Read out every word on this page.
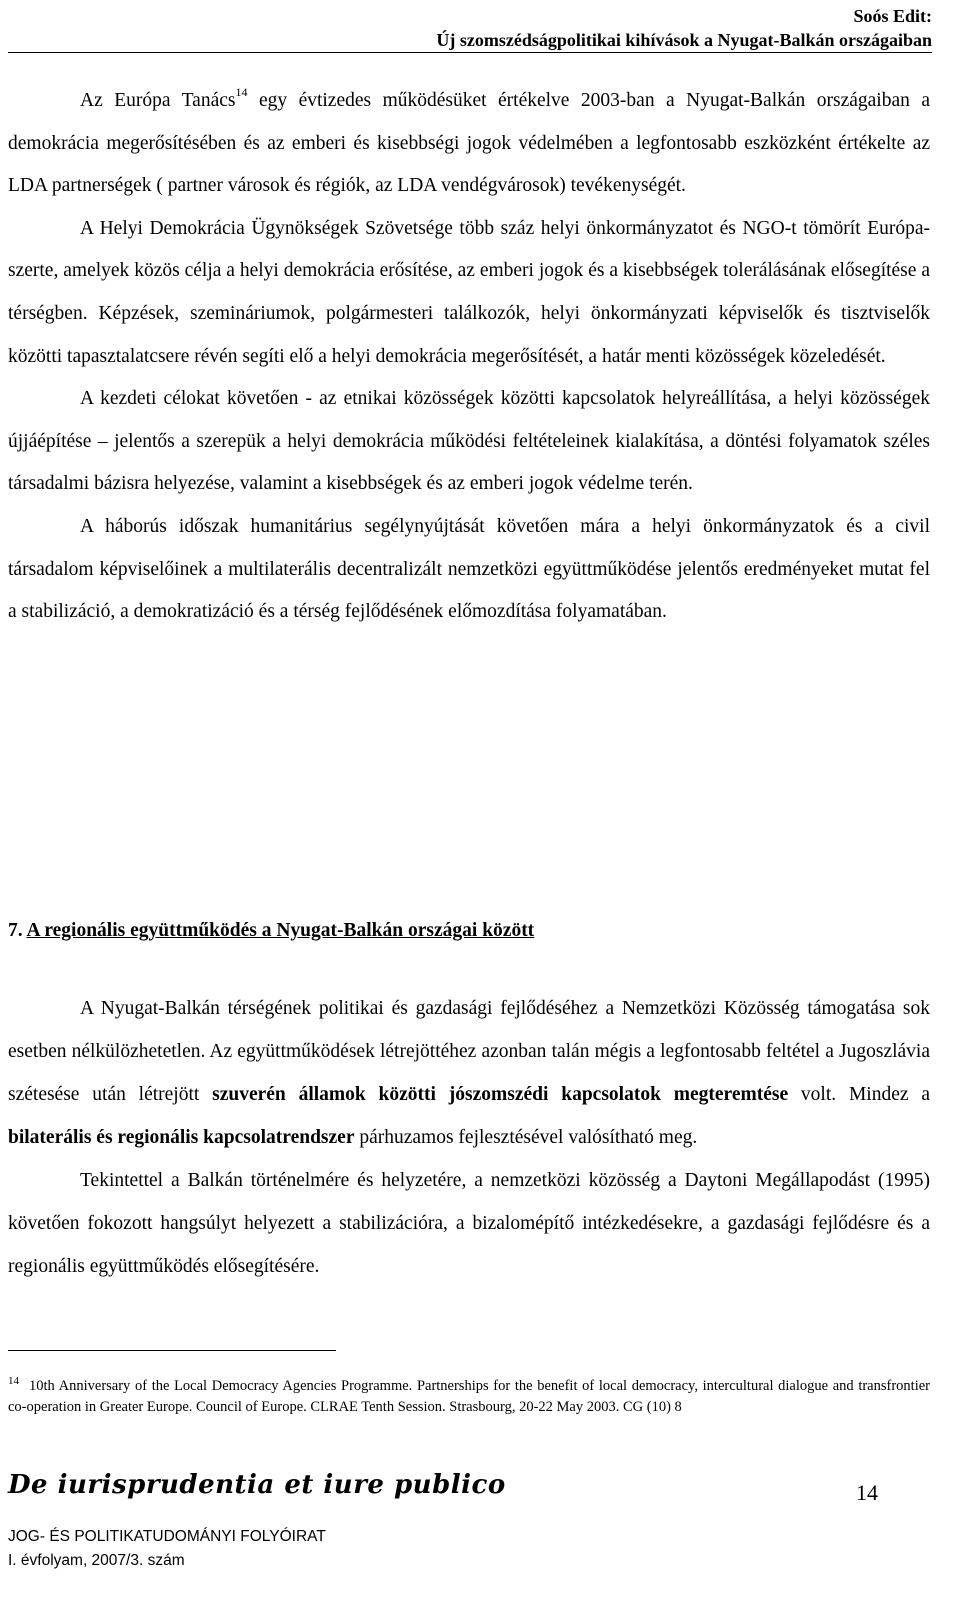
Soós Edit:
Új szomszédságpolitikai kihívások a Nyugat-Balkán országaiban

Az Európa Tanács$^{14}$ egy évtizedes működésüket értékelve 2003-ban a Nyugat-Balkán országaiban a demokrácia megerősítésében és az emberi és kisebbségi jogok védelmében a legfontosabb eszközként értékelte az LDA partnerségek ( partner városok és régiók, az LDA vendégvárosok) tevékenységét.

A Helyi Demokrácia Ügynökségek Szövetsége több száz helyi önkormányzatot és NGO-t tömörít Európa-szerte, amelyek közös célja a helyi demokrácia erősítése, az emberi jogok és a kisebbségek tolerálásának elősegítése a térségben. Képzések, szemináriumok, polgármesteri találkozók, helyi önkormányzati képviselők és tisztviselők közötti tapasztalatcsere révén segíti elő a helyi demokrácia megerősítését, a határ menti közösségek közeledését.

A kezdeti célokat követően - az etnikai közösségek közötti kapcsolatok helyreállítása, a helyi közösségek újjáépítése – jelentős a szerepük a helyi demokrácia működési feltételeinek kialakítása, a döntési folyamatok széles társadalmi bázisra helyezése, valamint a kisebbségek és az emberi jogok védelme terén.

A háborús időszak humanitárius segélynyújtását követően mára a helyi önkormányzatok és a civil társadalom képviselőinek a multilaterális decentralizált nemzetközi együttműködése jelentős eredményeket mutat fel a stabilizáció, a demokratizáció és a térség fejlődésének előmozdítása folyamatában.

7. A regionális együttműködés a Nyugat-Balkán országai között

A Nyugat-Balkán térségének politikai és gazdasági fejlődéséhez a Nemzetközi Közösség támogatása sok esetben nélkülözhetetlen. Az együttműködések létrejöttéhez azonban talán mégis a legfontosabb feltétel a Jugoszlávia szétesése után létrejött szuverén államok közötti jószomszédi kapcsolatok megteremtése volt. Mindez a bilaterális és regionális kapcsolatrendszer párhuzamos fejlesztésével valósítható meg.

Tekintettel a Balkán történelmére és helyzetére, a nemzetközi közösség a Daytoni Megállapodást (1995) követően fokozott hangsúlyt helyezett a stabilizációra, a bizalomépítő intézkedésekre, a gazdasági fejlődésre és a regionális együttműködés elősegítésére.

$^{14}$ 10th Anniversary of the Local Democracy Agencies Programme. Partnerships for the benefit of local democracy, intercultural dialogue and transfrontier co-operation in Greater Europe. Council of Europe. CLRAE Tenth Session. Strasbourg, 20-22 May 2003. CG (10) 8
De iurisprudentia et iure publico	14
JOG- ÉS POLITIKATUDOMÁNYI FOLYÓIRAT
I. évfolyam, 2007/3. szám
